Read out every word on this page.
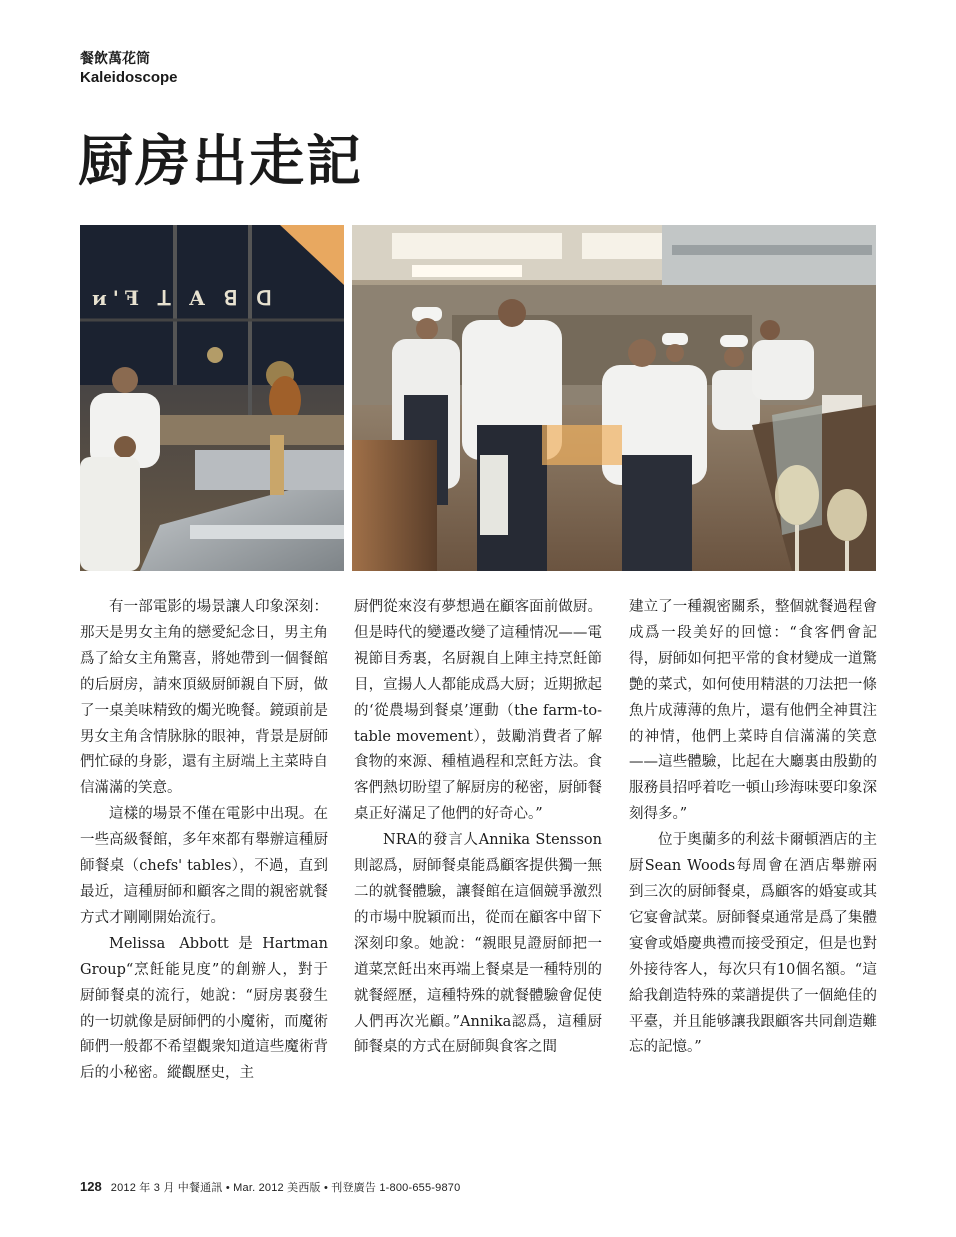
餐飲萬花筒
Kaleidoscope
厨房出走記
ᴎ'ꟻ ꓕ A ꓭ ᗡ

有一部電影的場景讓人印象深刻：那天是男女主角的戀愛紀念日，男主角爲了給女主角驚喜，將她帶到一個餐館的后厨房，請來頂級厨師親自下厨，做了一桌美味精致的燭光晚餐。鏡頭前是男女主角含情脉脉的眼神，背景是厨師們忙碌的身影，還有主厨端上主菜時自信滿滿的笑意。

這樣的場景不僅在電影中出現。在一些高級餐館，多年來都有舉辦這種厨師餐桌（chefs' tables），不過，直到最近，這種厨師和顧客之間的親密就餐方式才剛剛開始流行。

Melissa Abbott是Hartman Group“烹飪能見度”的創辦人，對于厨師餐桌的流行，她說：“厨房裏發生的一切就像是厨師們的小魔術，而魔術師們一般都不希望觀衆知道這些魔術背后的小秘密。縱觀歷史，主

厨們從來沒有夢想過在顧客面前做厨。但是時代的變遷改變了這種情况——電視節目秀裏，名厨親自上陣主持烹飪節目，宣揚人人都能成爲大厨；近期掀起的‘從農場到餐桌’運動（the farm-to-table movement），鼓勵消費者了解食物的來源、種植過程和烹飪方法。食客們熱切盼望了解厨房的秘密，厨師餐桌正好滿足了他們的好奇心。”

NRA的發言人Annika Stensson則認爲，厨師餐桌能爲顧客提供獨一無二的就餐體驗，讓餐館在這個競爭激烈的市場中脫穎而出，從而在顧客中留下深刻印象。她說：“親眼見證厨師把一道菜烹飪出來再端上餐桌是一種特別的就餐經歷，這種特殊的就餐體驗會促使人們再次光顧。”Annika認爲，這種厨師餐桌的方式在厨師與食客之間

建立了一種親密關系，整個就餐過程會成爲一段美好的回憶：“食客們會記得，厨師如何把平常的食材變成一道驚艶的菜式，如何使用精湛的刀法把一條魚片成薄薄的魚片，還有他們全神貫注的神情，他們上菜時自信滿滿的笑意——這些體驗，比起在大廳裏由殷勤的服務員招呼着吃一頓山珍海味要印象深刻得多。”

位于奥蘭多的利兹卡爾頓酒店的主厨Sean Woods每周會在酒店舉辦兩到三次的厨師餐桌，爲顧客的婚宴或其它宴會試菜。厨師餐桌通常是爲了集體宴會或婚慶典禮而接受預定，但是也對外接待客人，每次只有10個名額。“這給我創造特殊的菜譜提供了一個絶佳的平臺，并且能够讓我跟顧客共同創造難忘的記憶。”

128 2012 年 3 月 中餐通訊 • Mar. 2012 美西版 • 刊登廣告 1-800-655-9870
